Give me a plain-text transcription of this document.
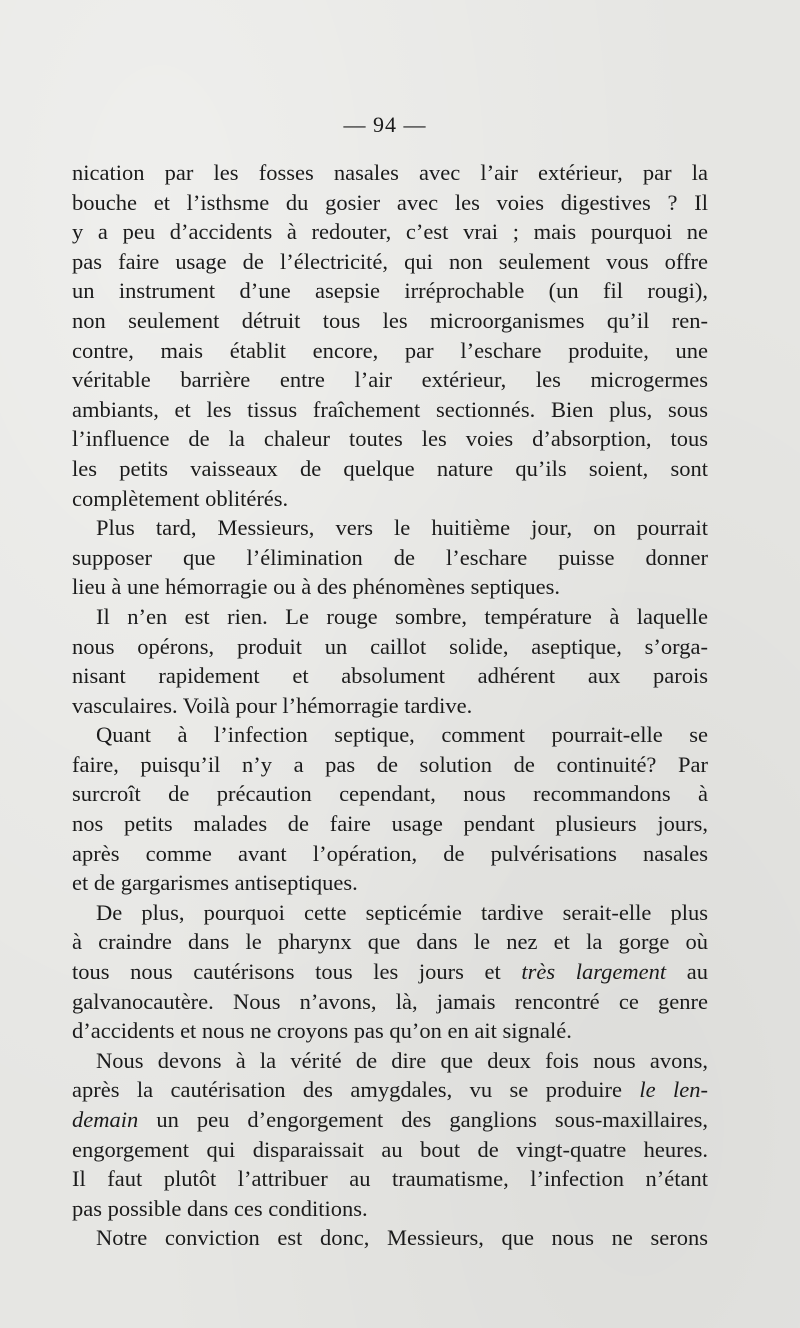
— 94 —
nication par les fosses nasales avec l’air extérieur, par la
bouche et l’isthsme du gosier avec les voies digestives ? Il
y a peu d’accidents à redouter, c’est vrai ; mais pourquoi ne
pas faire usage de l’électricité, qui non seulement vous offre
un instrument d’une asepsie irréprochable (un fil rougi),
non seulement détruit tous les microorganismes qu’il ren-
contre, mais établit encore, par l’eschare produite, une
véritable barrière entre l’air extérieur, les microgermes
ambiants, et les tissus fraîchement sectionnés. Bien plus, sous
l’influence de la chaleur toutes les voies d’absorption, tous
les petits vaisseaux de quelque nature qu’ils soient, sont
complètement oblitérés.
Plus tard, Messieurs, vers le huitième jour, on pourrait
supposer que l’élimination de l’eschare puisse donner
lieu à une hémorragie ou à des phénomènes septiques.
Il n’en est rien. Le rouge sombre, température à laquelle
nous opérons, produit un caillot solide, aseptique, s’orga-
nisant rapidement et absolument adhérent aux parois
vasculaires. Voilà pour l’hémorragie tardive.
Quant à l’infection septique, comment pourrait-elle se
faire, puisqu’il n’y a pas de solution de continuité? Par
surcroît de précaution cependant, nous recommandons à
nos petits malades de faire usage pendant plusieurs jours,
après comme avant l’opération, de pulvérisations nasales
et de gargarismes antiseptiques.
De plus, pourquoi cette septicémie tardive serait-elle plus
à craindre dans le pharynx que dans le nez et la gorge où
tous nous cautérisons tous les jours et très largement au
galvanocautère. Nous n’avons, là, jamais rencontré ce genre
d’accidents et nous ne croyons pas qu’on en ait signalé.
Nous devons à la vérité de dire que deux fois nous avons,
après la cautérisation des amygdales, vu se produire le len-
demain un peu d’engorgement des ganglions sous-maxillaires,
engorgement qui disparaissait au bout de vingt-quatre heures.
Il faut plutôt l’attribuer au traumatisme, l’infection n’étant
pas possible dans ces conditions.
Notre conviction est donc, Messieurs, que nous ne serons
